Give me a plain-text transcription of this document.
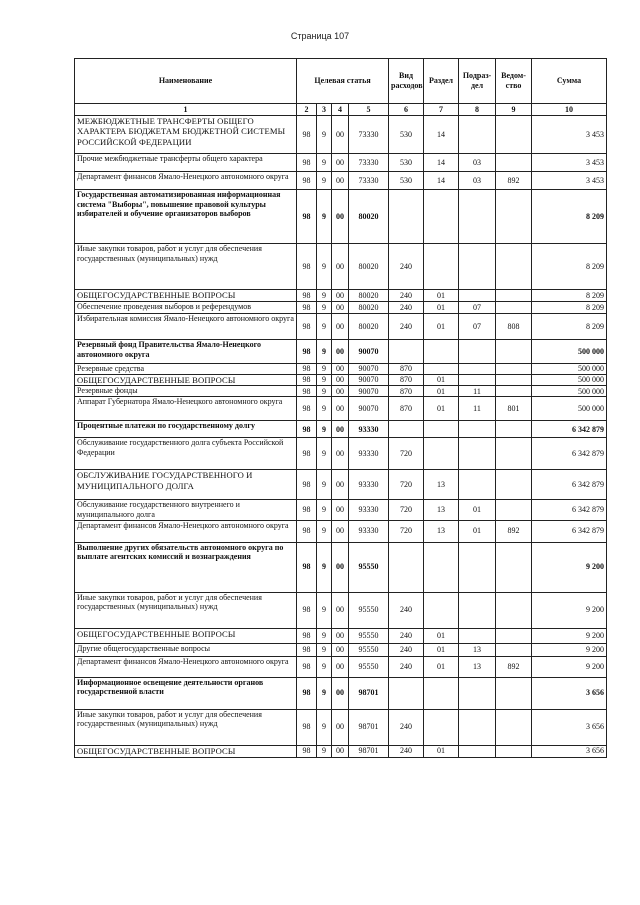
Страница 107
Наименование	Целевая статья				Вид расходов	Раздел	Подраз-дел	Ведом-ство	Сумма
1	2	3	4	5	6	7	8	9	10
МЕЖБЮДЖЕТНЫЕ ТРАНСФЕРТЫ ОБЩЕГО ХАРАКТЕРА БЮДЖЕТАМ БЮДЖЕТНОЙ СИСТЕМЫ РОССИЙСКОЙ ФЕДЕРАЦИИ	98	9	00	73330	530	14			3 453
Прочие межбюджетные трансферты общего характера	98	9	00	73330	530	14	03		3 453
Департамент финансов Ямало-Ненецкого автономного округа	98	9	00	73330	530	14	03	892	3 453
Государственная автоматизированная информационная система "Выборы", повышение правовой культуры избирателей и обучение организаторов выборов	98	9	00	80020					8 209
Иные закупки товаров, работ и услуг для обеспечения государственных (муниципальных) нужд	98	9	00	80020	240				8 209
ОБЩЕГОСУДАРСТВЕННЫЕ ВОПРОСЫ	98	9	00	80020	240	01			8 209
Обеспечение проведения выборов и референдумов	98	9	00	80020	240	01	07		8 209
Избирательная комиссия Ямало-Ненецкого автономного округа	98	9	00	80020	240	01	07	808	8 209
Резервный фонд Правительства Ямало-Ненецкого автономного округа	98	9	00	90070					500 000
Резервные средства	98	9	00	90070	870				500 000
ОБЩЕГОСУДАРСТВЕННЫЕ ВОПРОСЫ	98	9	00	90070	870	01			500 000
Резервные фонды	98	9	00	90070	870	01	11		500 000
Аппарат Губернатора Ямало-Ненецкого автономного округа	98	9	00	90070	870	01	11	801	500 000
Процентные платежи по государственному долгу	98	9	00	93330					6 342 879
Обслуживание государственного долга субъекта Российской Федерации	98	9	00	93330	720				6 342 879
ОБСЛУЖИВАНИЕ ГОСУДАРСТВЕННОГО И МУНИЦИПАЛЬНОГО ДОЛГА	98	9	00	93330	720	13			6 342 879
Обслуживание государственного внутреннего и муниципального долга	98	9	00	93330	720	13	01		6 342 879
Департамент финансов Ямало-Ненецкого автономного округа	98	9	00	93330	720	13	01	892	6 342 879
Выполнение других обязательств автономного округа по выплате агентских комиссий и вознаграждения	98	9	00	95550					9 200
Иные закупки товаров, работ и услуг для обеспечения государственных (муниципальных) нужд	98	9	00	95550	240				9 200
ОБЩЕГОСУДАРСТВЕННЫЕ ВОПРОСЫ	98	9	00	95550	240	01			9 200
Другие общегосударственные вопросы	98	9	00	95550	240	01	13		9 200
Департамент финансов Ямало-Ненецкого автономного округа	98	9	00	95550	240	01	13	892	9 200
Информационное освещение деятельности органов государственной власти	98	9	00	98701					3 656
Иные закупки товаров, работ и услуг для обеспечения государственных (муниципальных) нужд	98	9	00	98701	240				3 656
ОБЩЕГОСУДАРСТВЕННЫЕ ВОПРОСЫ	98	9	00	98701	240	01			3 656
